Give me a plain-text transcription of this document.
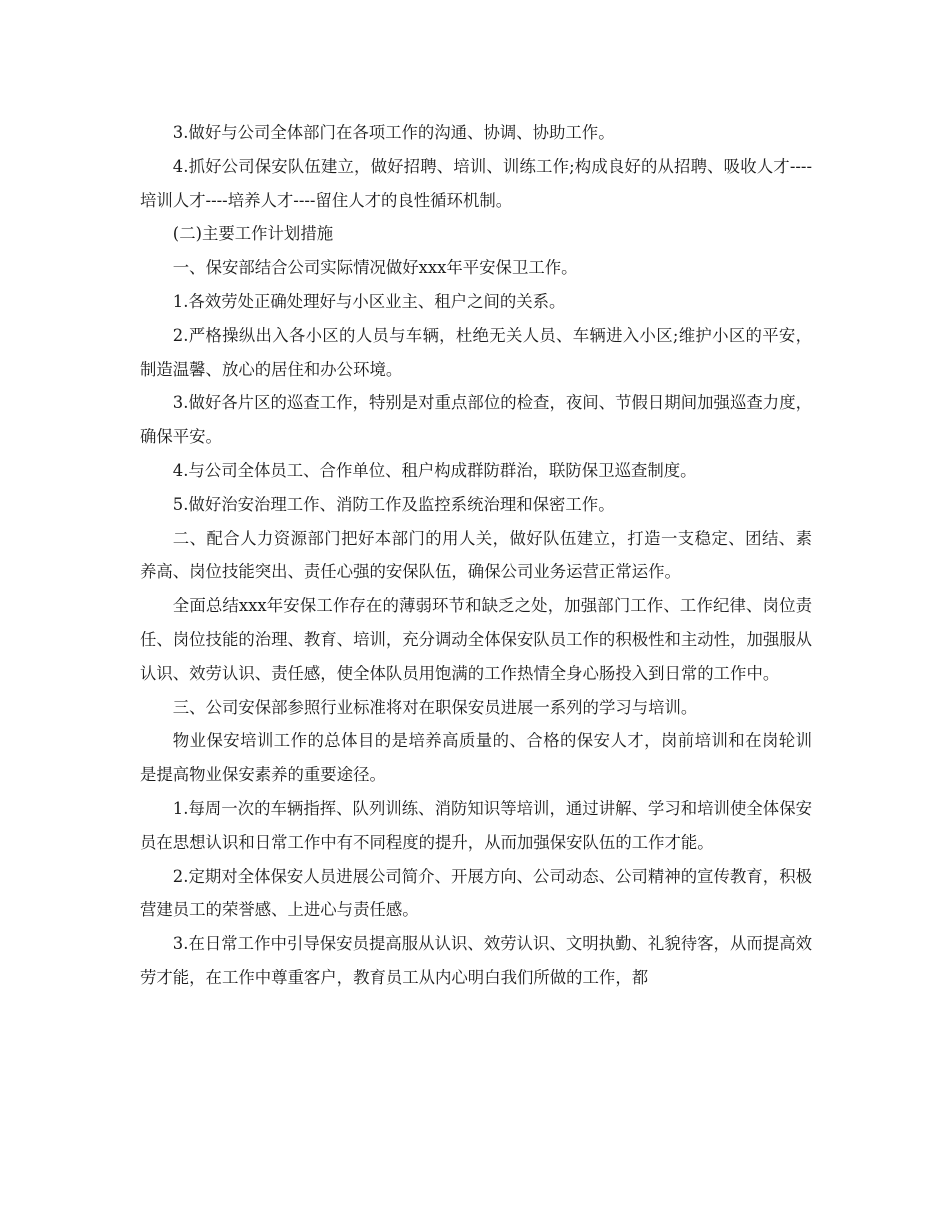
3.做好与公司全体部门在各项工作的沟通、协调、协助工作。

4.抓好公司保安队伍建立，做好招聘、培训、训练工作;构成良好的从招聘、吸收人才----培训人才----培养人才----留住人才的良性循环机制。

(二)主要工作计划措施

一、保安部结合公司实际情况做好xxx年平安保卫工作。

1.各效劳处正确处理好与小区业主、租户之间的关系。

2.严格操纵出入各小区的人员与车辆，杜绝无关人员、车辆进入小区;维护小区的平安，制造温馨、放心的居住和办公环境。

3.做好各片区的巡查工作，特别是对重点部位的检查，夜间、节假日期间加强巡查力度，确保平安。

4.与公司全体员工、合作单位、租户构成群防群治，联防保卫巡查制度。

5.做好治安治理工作、消防工作及监控系统治理和保密工作。

二、配合人力资源部门把好本部门的用人关，做好队伍建立，打造一支稳定、团结、素养高、岗位技能突出、责任心强的安保队伍，确保公司业务运营正常运作。

全面总结xxx年安保工作存在的薄弱环节和缺乏之处，加强部门工作、工作纪律、岗位责任、岗位技能的治理、教育、培训，充分调动全体保安队员工作的积极性和主动性，加强服从认识、效劳认识、责任感，使全体队员用饱满的工作热情全身心肠投入到日常的工作中。

三、公司安保部参照行业标准将对在职保安员进展一系列的学习与培训。

物业保安培训工作的总体目的是培养高质量的、合格的保安人才，岗前培训和在岗轮训是提高物业保安素养的重要途径。

1.每周一次的车辆指挥、队列训练、消防知识等培训，通过讲解、学习和培训使全体保安员在思想认识和日常工作中有不同程度的提升，从而加强保安队伍的工作才能。

2.定期对全体保安人员进展公司简介、开展方向、公司动态、公司精神的宣传教育，积极营建员工的荣誉感、上进心与责任感。

3.在日常工作中引导保安员提高服从认识、效劳认识、文明执勤、礼貌待客，从而提高效劳才能，在工作中尊重客户，教育员工从内心明白我们所做的工作，都
